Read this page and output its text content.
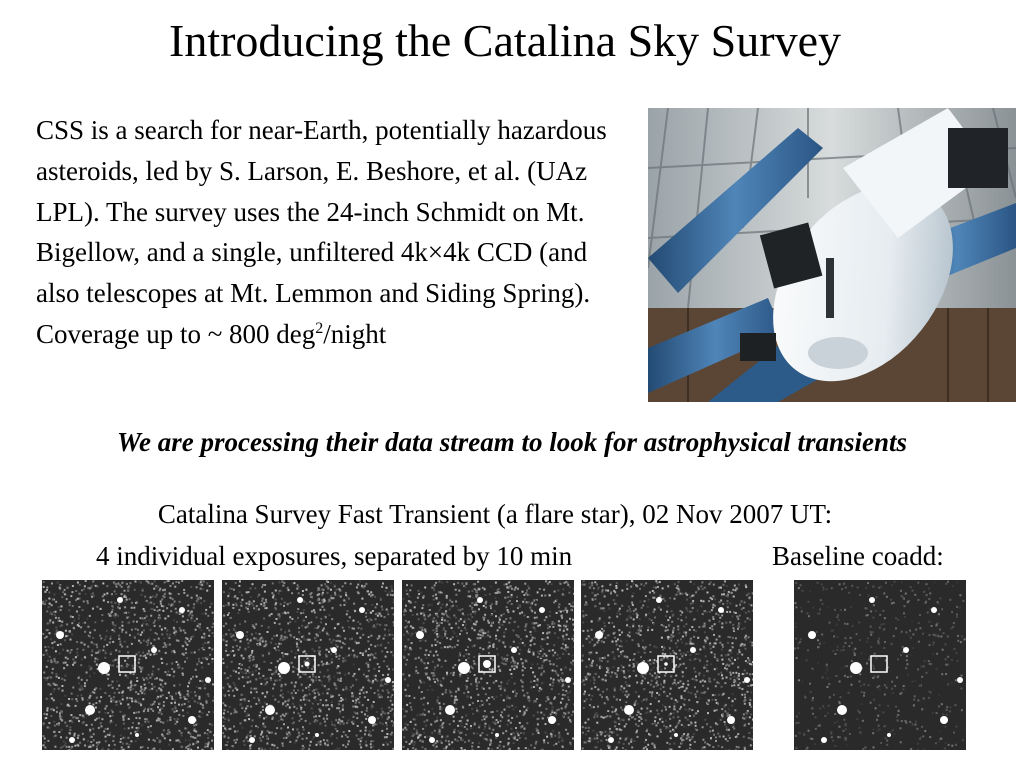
Introducing the Catalina Sky Survey
CSS is a search for near-Earth, potentially hazardous asteroids, led by S. Larson, E. Beshore, et al. (UAz LPL). The survey uses the 24-inch Schmidt on Mt. Bigellow, and a single, unfiltered 4k×4k CCD (and also telescopes at Mt. Lemmon and Siding Spring). Coverage up to ~ 800 deg$^2$/night
We are processing their data stream to look for astrophysical transients
Catalina Survey Fast Transient (a flare star), 02 Nov 2007 UT:
4 individual exposures, separated by 10 min	Baseline coadd:
